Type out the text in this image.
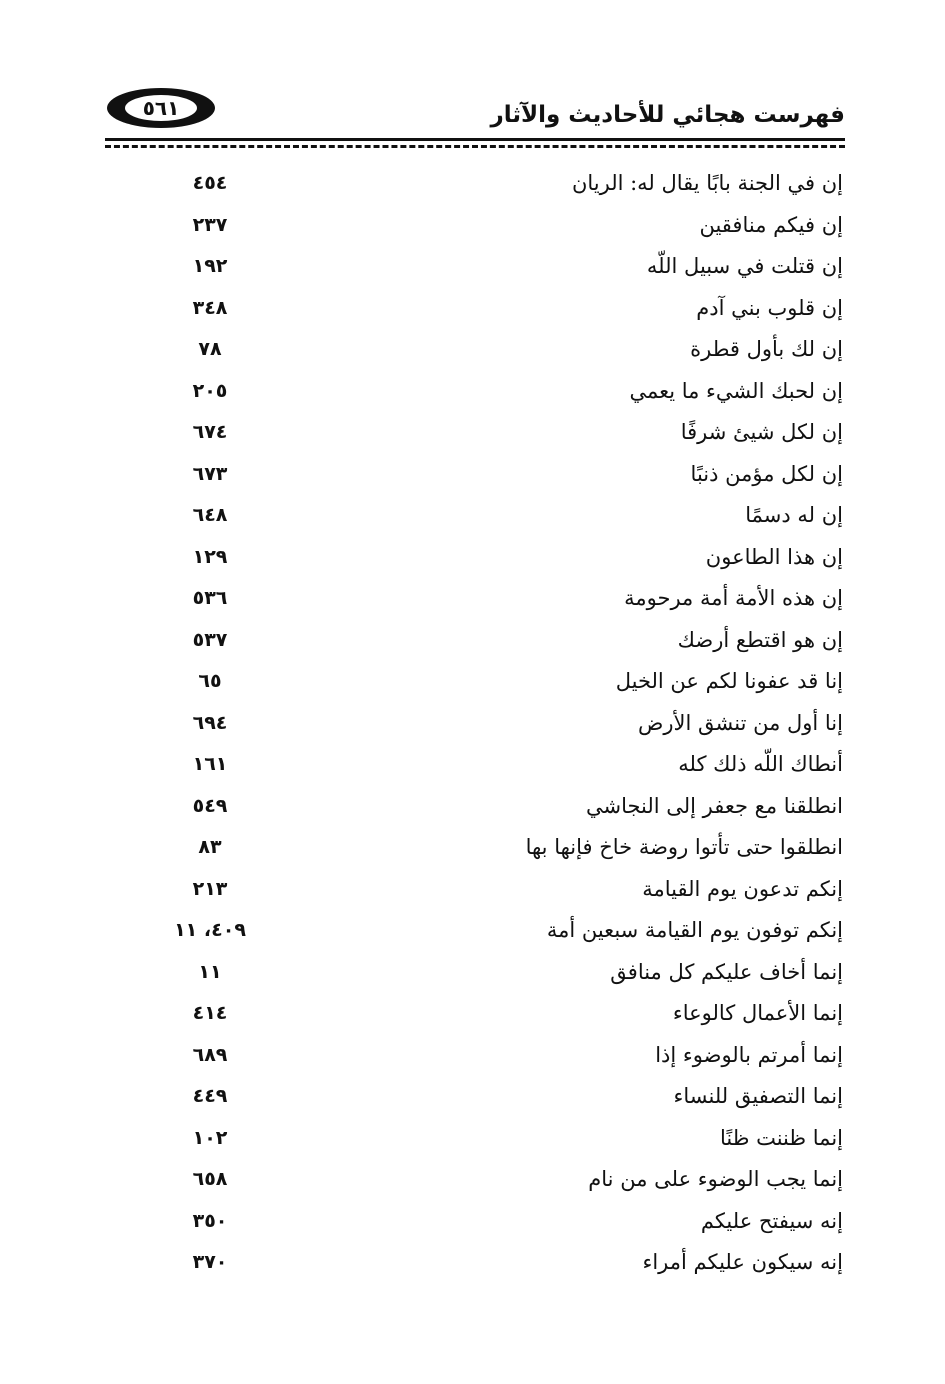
٥٦١	فهرست هجائي للأحاديث والآثار
إن في الجنة بابًا يقال له: الريان
٤٥٤
إن فيكم منافقين
٢٣٧
إن قتلت في سبيل اللّه
١٩٢
إن قلوب بني آدم
٣٤٨
إن لك بأول قطرة
٧٨
إن لحبك الشيء ما يعمي
٢٠٥
إن لكل شيئ شرفًا
٦٧٤
إن لكل مؤمن ذنبًا
٦٧٣
إن له دسمًا
٦٤٨
إن هذا الطاعون
١٢٩
إن هذه الأمة أمة مرحومة
٥٣٦
إن هو اقتطع أرضك
٥٣٧
إنا قد عفونا لكم عن الخيل
٦٥
إنا أول من تنشق الأرض
٦٩٤
أنطاك اللّه ذلك كله
١٦١
انطلقنا مع جعفر إلى النجاشي
٥٤٩
انطلقوا حتى تأتوا روضة خاخ فإنها بها
٨٣
إنكم تدعون يوم القيامة
٢١٣
إنكم توفون يوم القيامة سبعين أمة
٤٠٩، ١١
إنما أخاف عليكم كل منافق
١١
إنما الأعمال كالوعاء
٤١٤
إنما أمرتم بالوضوء إذا
٦٨٩
إنما التصفيق للنساء
٤٤٩
إنما ظننت ظنًا
١٠٢
إنما يجب الوضوء على من نام
٦٥٨
إنه سيفتح عليكم
٣٥٠
إنه سيكون عليكم أمراء
٣٧٠
